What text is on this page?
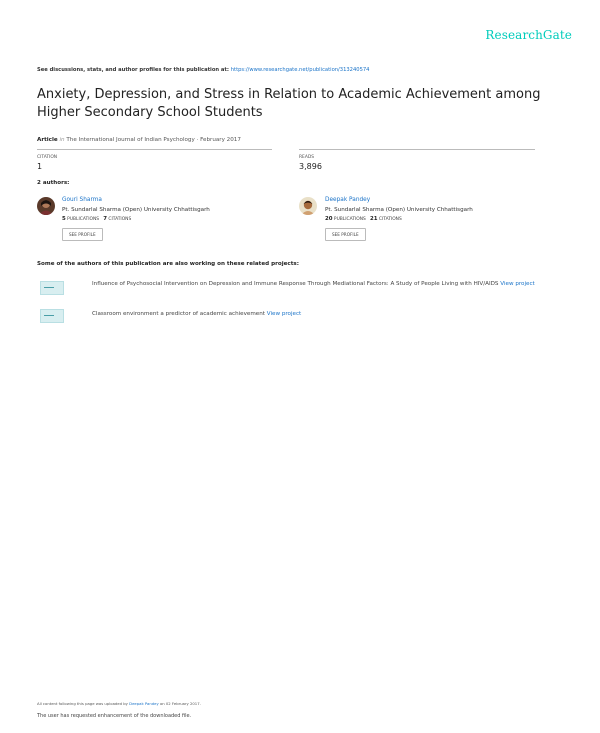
ResearchGate
See discussions, stats, and author profiles for this publication at: https://www.researchgate.net/publication/313240574
Anxiety, Depression, and Stress in Relation to Academic Achievement among Higher Secondary School Students
Article in The International Journal of Indian Psychology · February 2017
CITATION
1
READS
3,896
2 authors:
Gouri Sharma
Pt. Sundarlal Sharma (Open) University Chhattisgarh
5 PUBLICATIONS 7 CITATIONS
SEE PROFILE
Deepak Pandey
Pt. Sundarlal Sharma (Open) University Chhattisgarh
20 PUBLICATIONS 21 CITATIONS
SEE PROFILE
Some of the authors of this publication are also working on these related projects:
Influence of Psychosocial Intervention on Depression and Immune Response Through Mediational Factors: A Study of People Living with HIV/AIDS View project
Classroom environment a predictor of academic achievement View project
All content following this page was uploaded by Deepak Pandey on 02 February 2017.
The user has requested enhancement of the downloaded file.
